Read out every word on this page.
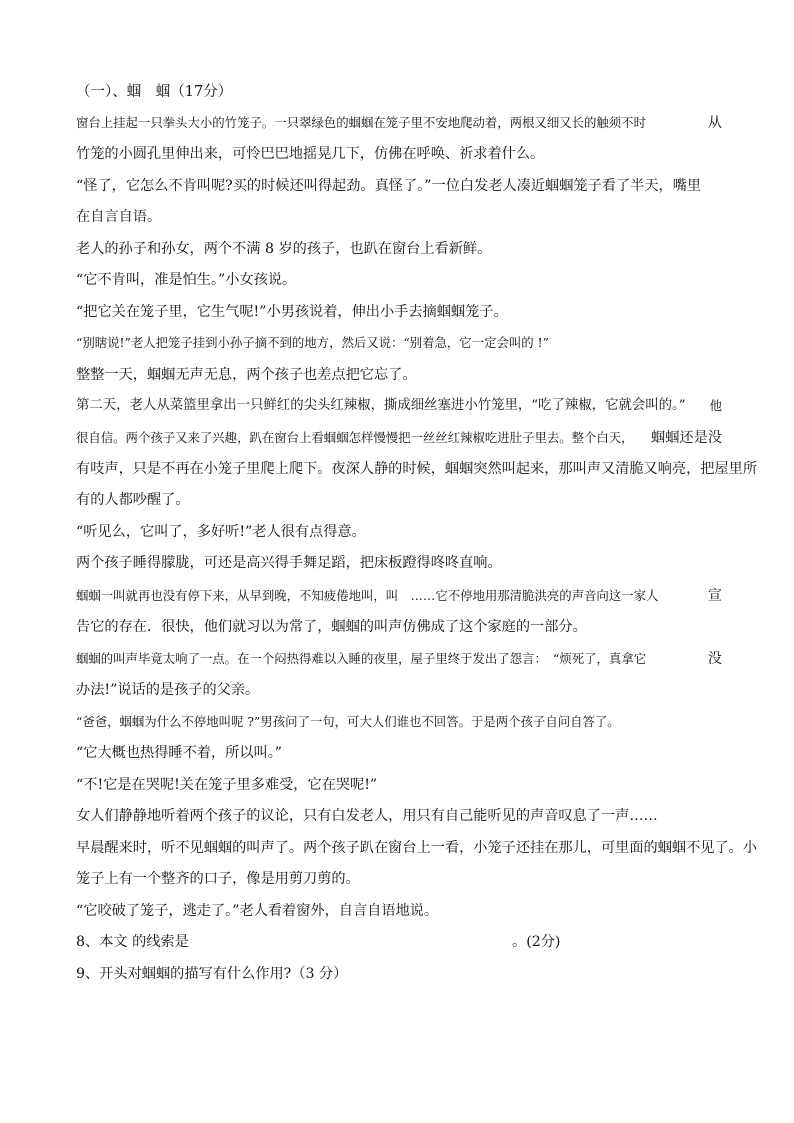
（一）、蝈　蝈（17分）
窗台上挂起一只拳头大小的竹笼子。一只翠绿色的蝈蝈在笼子里不安地爬动着，两根又细又长的触须不时	从
竹笼的小圆孔里伸出来，可怜巴巴地摇晃几下，仿佛在呼唤、祈求着什么。
“怪了，它怎么不肯叫呢?买的时候还叫得起劲。真怪了。”一位白发老人凑近蝈蝈笼子看了半天，嘴里
在自言自语。
老人的孙子和孙女，两个不满 8 岁的孩子，也趴在窗台上看新鲜。
“它不肯叫，准是怕生。”小女孩说。
“把它关在笼子里，它生气呢!”小男孩说着，伸出小手去摘蝈蝈笼子。
“别瞎说!”老人把笼子挂到小孙子摘不到的地方，然后又说：“别着急，它一定会叫的 !”
整整一天，蝈蝈无声无息，两个孩子也差点把它忘了。
第二天，老人从菜篮里拿出一只鲜红的尖头红辣椒，撕成细丝塞进小竹笼里，“吃了辣椒，它就会叫的。” 他
很自信。两个孩子又来了兴趣，趴在窗台上看蝈蝈怎样慢慢把一丝丝红辣椒吃进肚子里去。整个白天， 蝈蝈还是没
有吱声，只是不再在小笼子里爬上爬下。夜深人静的时候，蝈蝈突然叫起来，那叫声又清脆又响亮，把屋里所
有的人都吵醒了。
“听见么，它叫了，多好听!”老人很有点得意。
两个孩子睡得朦胧，可还是高兴得手舞足蹈，把床板蹬得咚咚直响。
蝈蝈一叫就再也没有停下来，从早到晚，不知疲倦地叫，叫　……它不停地用那清脆洪亮的声音向这一家人	宣
告它的存在．很快，他们就习以为常了，蝈蝈的叫声仿佛成了这个家庭的一部分。
蝈蝈的叫声毕竟太响了一点。在一个闷热得难以入睡的夜里，屋子里终于发出了怨言：　“烦死了，真拿它	没
办法!”说话的是孩子的父亲。
“爸爸，蝈蝈为什么不停地叫呢 ?”男孩问了一句，可大人们谁也不回答。于是两个孩子自问自答了。
“它大概也热得睡不着，所以叫。”
“不!它是在哭呢!关在笼子里多难受，它在哭呢!”
女人们静静地听着两个孩子的议论，只有白发老人，用只有自己能听见的声音叹息了一声……
早晨醒来时，听不见蝈蝈的叫声了。两个孩子趴在窗台上一看，小笼子还挂在那儿，可里面的蝈蝈不见了。小
笼子上有一个整齐的口子，像是用剪刀剪的。
“它咬破了笼子，逃走了。”老人看着窗外，自言自语地说。
8、本文 的线索是	。(2分)
9、开头对蝈蝈的描写有什么作用?（3 分）
